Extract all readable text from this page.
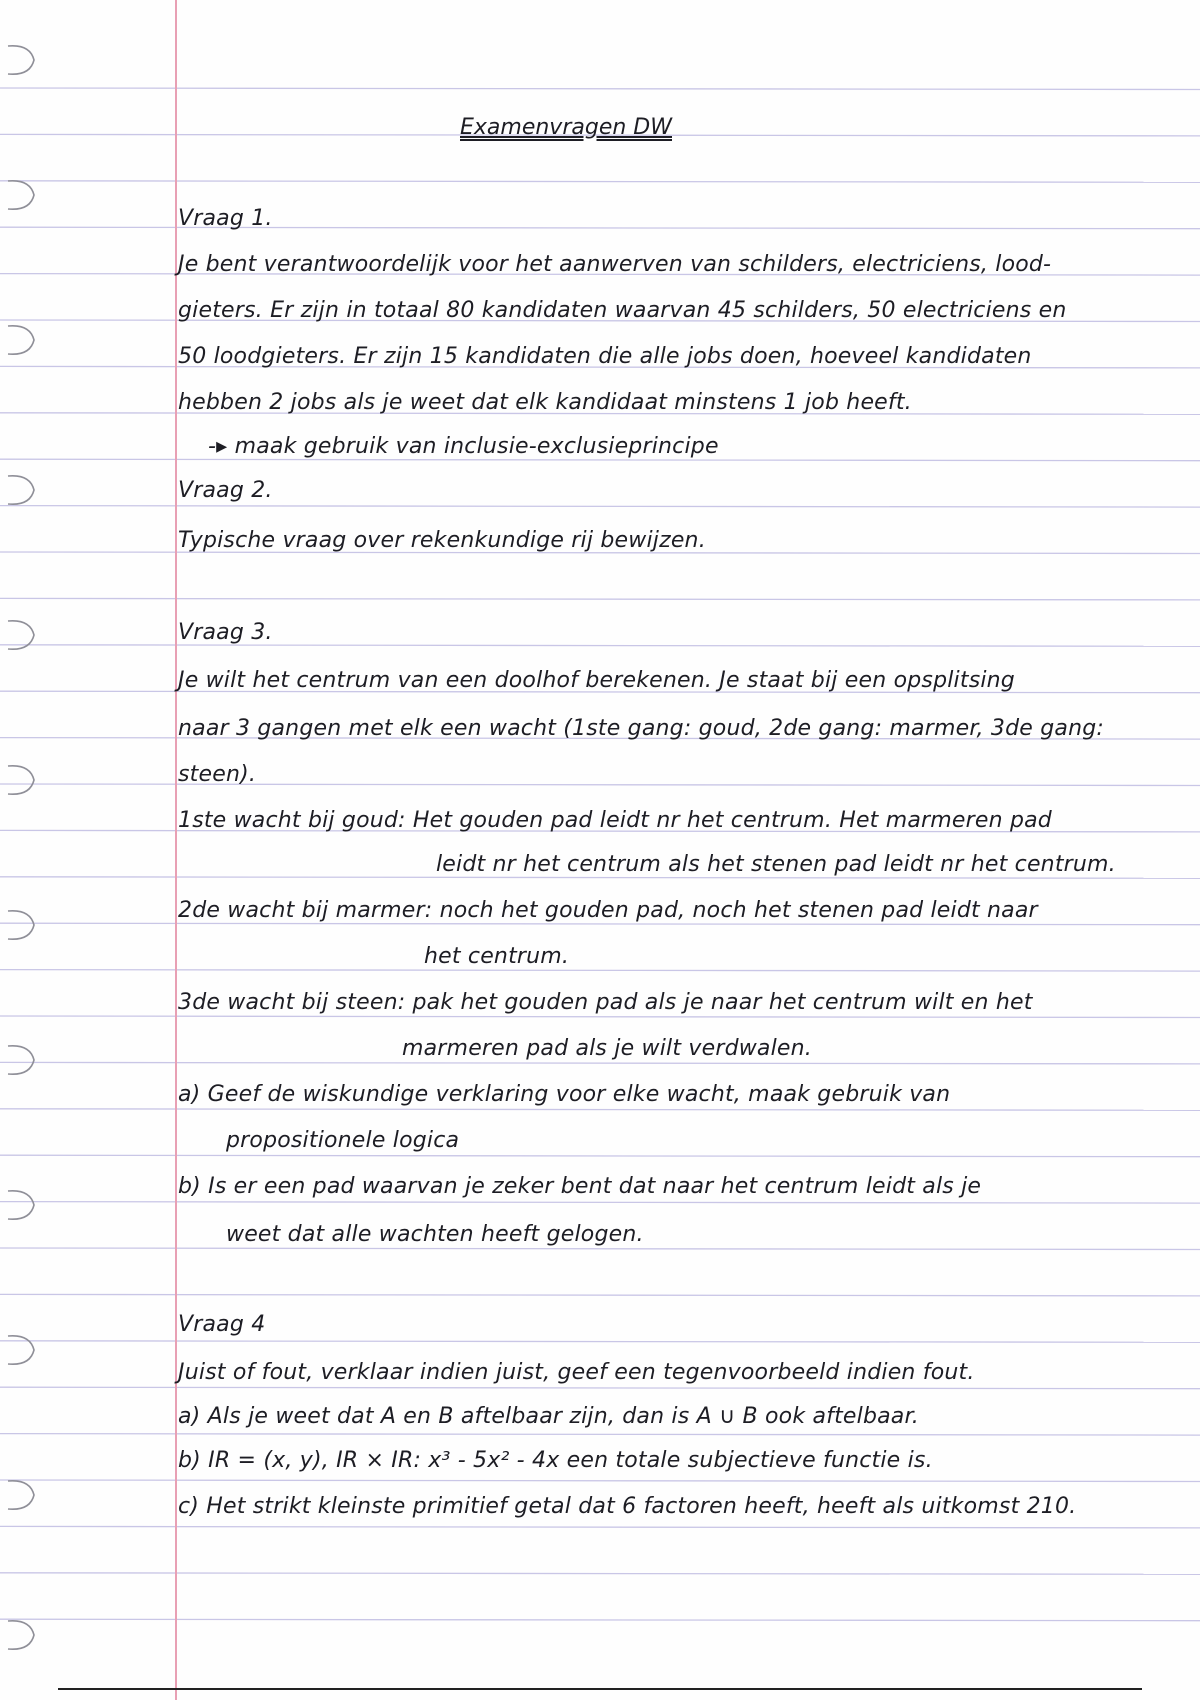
Examenvragen DW

Vraag 1.

Je bent verantwoordelijk voor het aanwerven van schilders, electriciens, lood-

gieters. Er zijn in totaal 80 kandidaten waarvan 45 schilders, 50 electriciens en

50 loodgieters. Er zijn 15 kandidaten die alle jobs doen, hoeveel kandidaten

hebben 2 jobs als je weet dat elk kandidaat minstens 1 job heeft.

-▸ maak gebruik van inclusie-exclusieprincipe

Vraag 2.

Typische vraag over rekenkundige rij bewijzen.

Vraag 3.

Je wilt het centrum van een doolhof berekenen. Je staat bij een opsplitsing

naar 3 gangen met elk een wacht (1ste gang: goud, 2de gang: marmer, 3de gang:

steen).

1ste wacht bij goud: Het gouden pad leidt nr het centrum. Het marmeren pad

leidt nr het centrum als het stenen pad leidt nr het centrum.

2de wacht bij marmer: noch het gouden pad, noch het stenen pad leidt naar

het centrum.

3de wacht bij steen: pak het gouden pad als je naar het centrum wilt en het

marmeren pad als je wilt verdwalen.

a) Geef de wiskundige verklaring voor elke wacht, maak gebruik van

propositionele logica

b) Is er een pad waarvan je zeker bent dat naar het centrum leidt als je

weet dat alle wachten heeft gelogen.

Vraag 4

Juist of fout, verklaar indien juist, geef een tegenvoorbeeld indien fout.

a) Als je weet dat A en B aftelbaar zijn, dan is A ∪ B ook aftelbaar.

b) IR = (x, y), IR × IR: x³ - 5x² - 4x een totale subjectieve functie is.

c) Het strikt kleinste primitief getal dat 6 factoren heeft, heeft als uitkomst 210.
